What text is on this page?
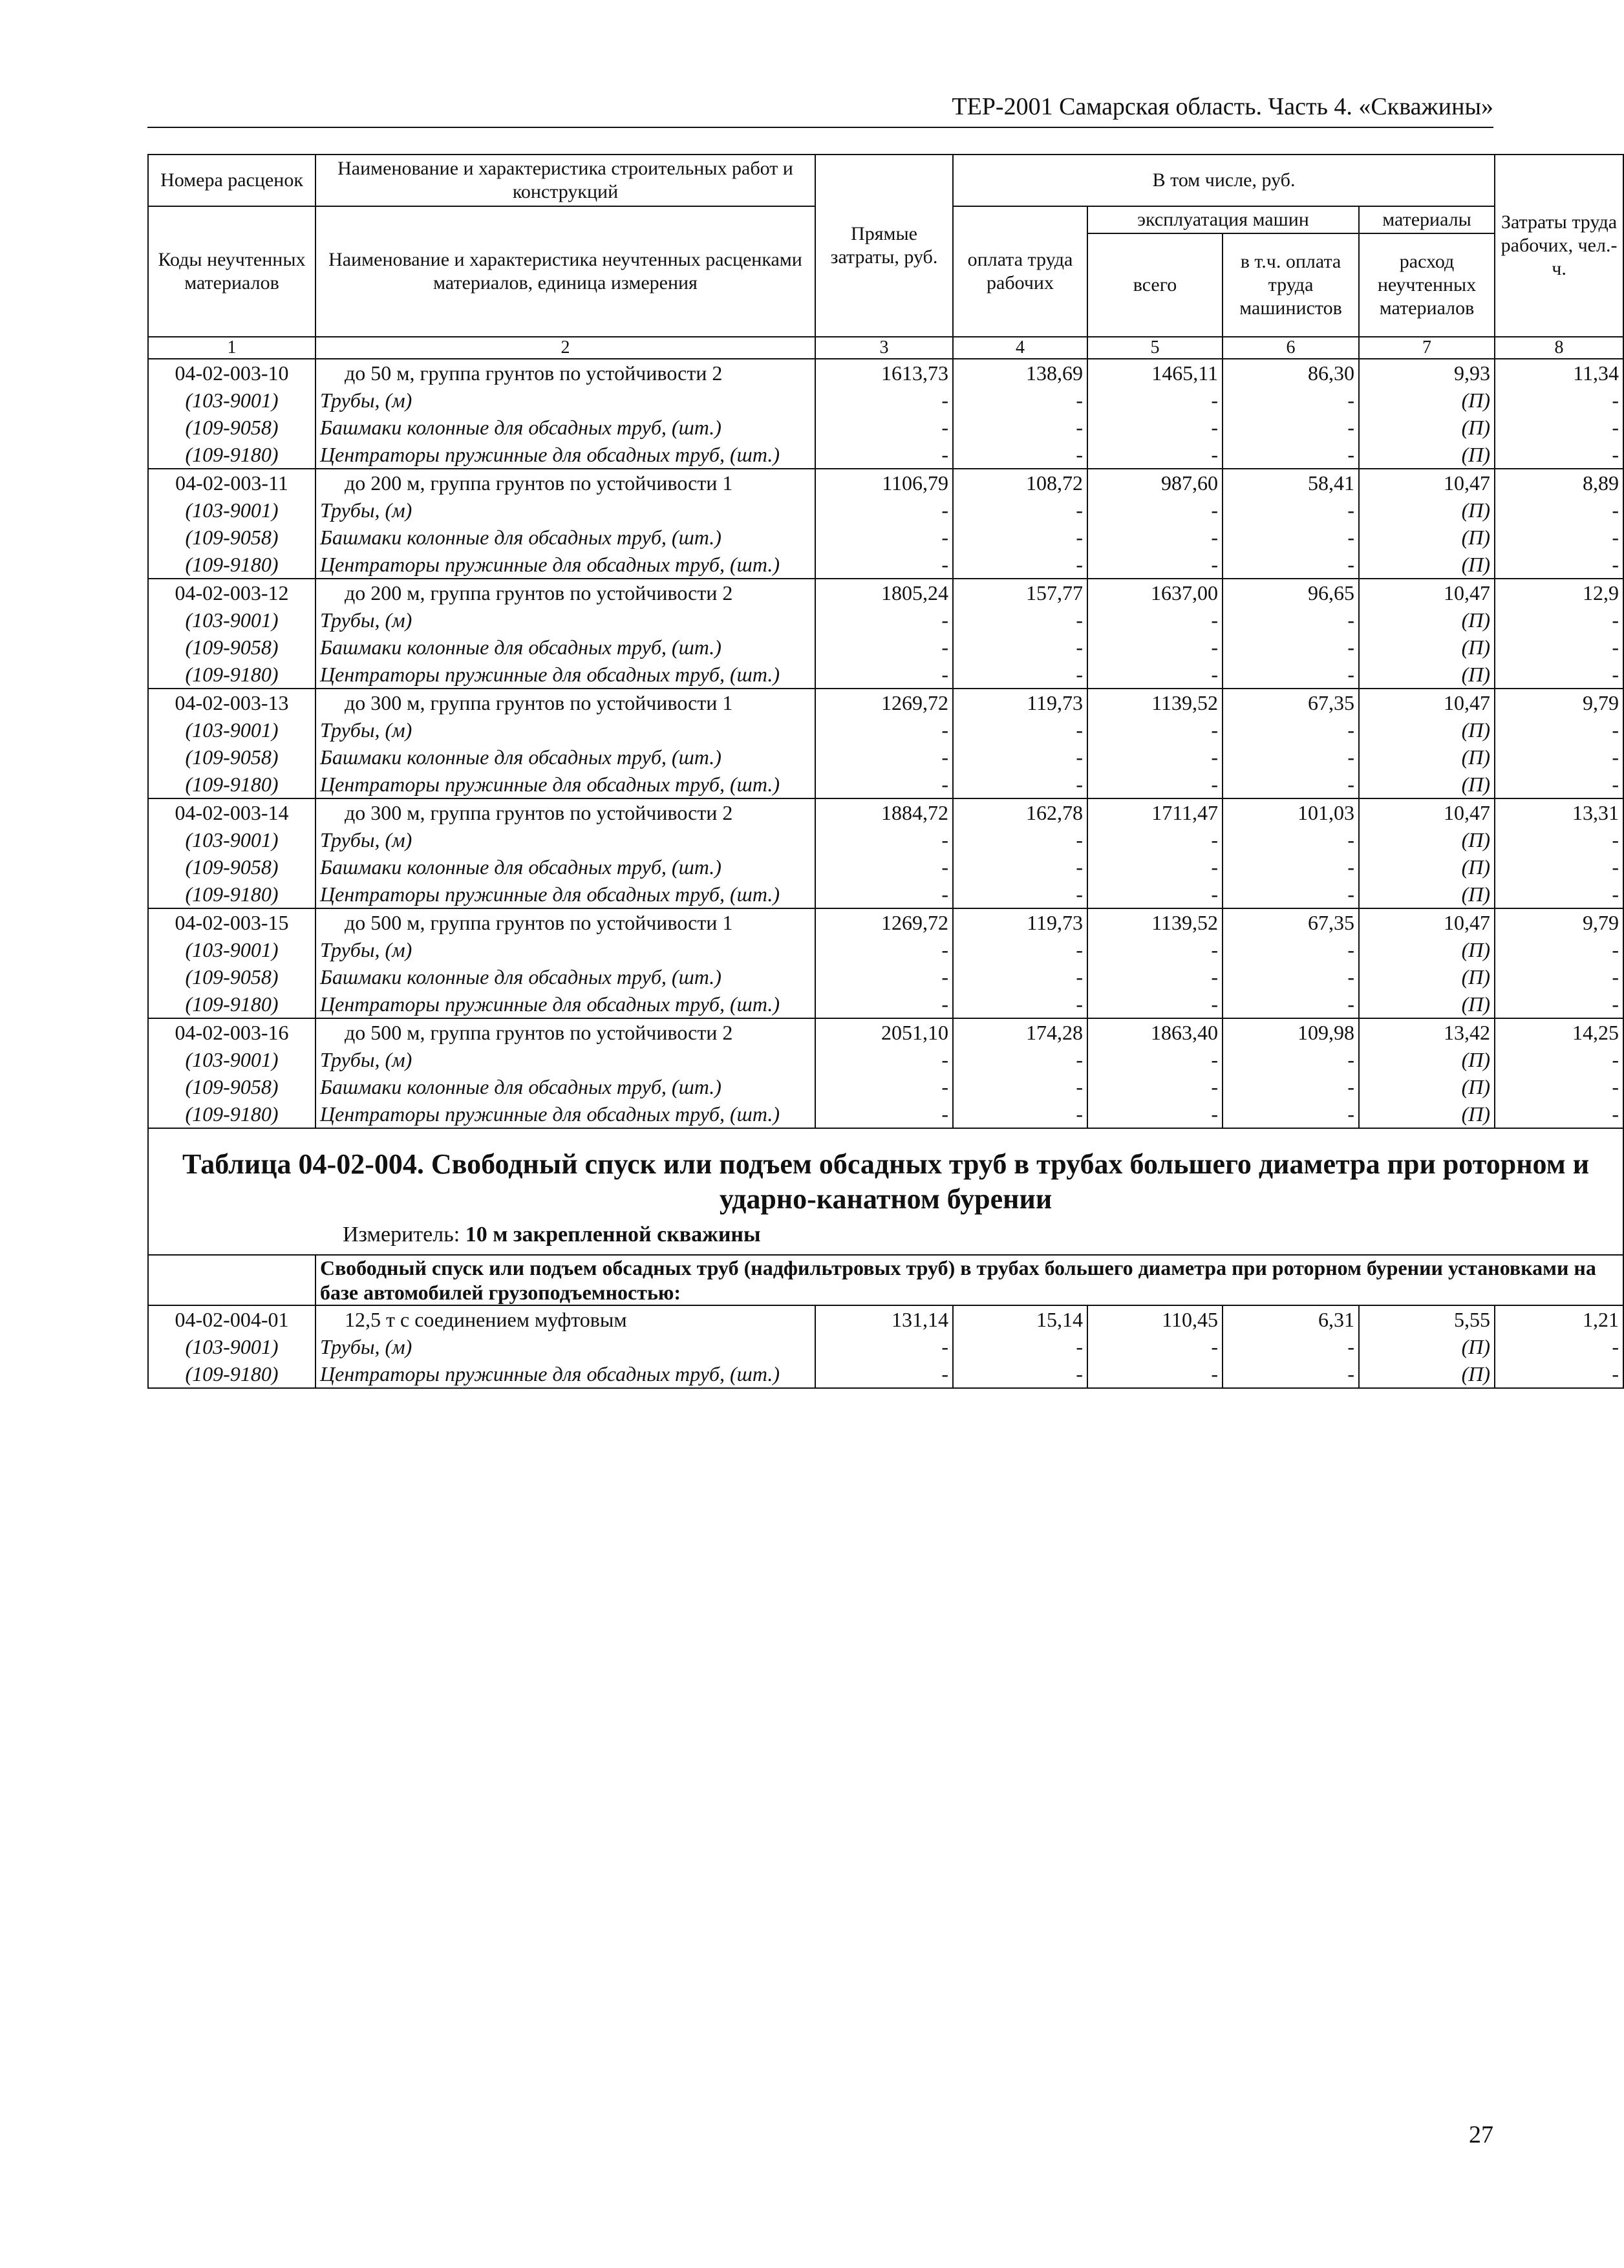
ТЕР-2001 Самарская область. Часть 4. «Скважины»
Номера расценок	Наименование и характеристика строительных работ и конструкций	Прямые затраты, руб.	В том числе, руб.				Затраты труда рабочих, чел.-ч.

Коды неучтенных материалов	Наименование и характеристика неучтенных расценками материалов, единица измерения		оплата труда рабочих	эксплуатация машин		материалы	
				всего	в т.ч. оплата труда машинистов	расход неучтенных материалов	
1	2	3	4	5	6	7	8
04-02-003-10	до 50 м, группа грунтов по устойчивости 2	1613,73	138,69	1465,11	86,30	9,93	11,34
(103-9001)	Трубы, (м)	-	-	-	-	(П)	-
(109-9058)	Башмаки колонные для обсадных труб, (шт.)	-	-	-	-	(П)	-
(109-9180)	Центраторы пружинные для обсадных труб, (шт.)	-	-	-	-	(П)	-
04-02-003-11	до 200 м, группа грунтов по устойчивости 1	1106,79	108,72	987,60	58,41	10,47	8,89
(103-9001)	Трубы, (м)	-	-	-	-	(П)	-
(109-9058)	Башмаки колонные для обсадных труб, (шт.)	-	-	-	-	(П)	-
(109-9180)	Центраторы пружинные для обсадных труб, (шт.)	-	-	-	-	(П)	-
04-02-003-12	до 200 м, группа грунтов по устойчивости 2	1805,24	157,77	1637,00	96,65	10,47	12,9
(103-9001)	Трубы, (м)	-	-	-	-	(П)	-
(109-9058)	Башмаки колонные для обсадных труб, (шт.)	-	-	-	-	(П)	-
(109-9180)	Центраторы пружинные для обсадных труб, (шт.)	-	-	-	-	(П)	-
04-02-003-13	до 300 м, группа грунтов по устойчивости 1	1269,72	119,73	1139,52	67,35	10,47	9,79
(103-9001)	Трубы, (м)	-	-	-	-	(П)	-
(109-9058)	Башмаки колонные для обсадных труб, (шт.)	-	-	-	-	(П)	-
(109-9180)	Центраторы пружинные для обсадных труб, (шт.)	-	-	-	-	(П)	-
04-02-003-14	до 300 м, группа грунтов по устойчивости 2	1884,72	162,78	1711,47	101,03	10,47	13,31
(103-9001)	Трубы, (м)	-	-	-	-	(П)	-
(109-9058)	Башмаки колонные для обсадных труб, (шт.)	-	-	-	-	(П)	-
(109-9180)	Центраторы пружинные для обсадных труб, (шт.)	-	-	-	-	(П)	-
04-02-003-15	до 500 м, группа грунтов по устойчивости 1	1269,72	119,73	1139,52	67,35	10,47	9,79
(103-9001)	Трубы, (м)	-	-	-	-	(П)	-
(109-9058)	Башмаки колонные для обсадных труб, (шт.)	-	-	-	-	(П)	-
(109-9180)	Центраторы пружинные для обсадных труб, (шт.)	-	-	-	-	(П)	-
04-02-003-16	до 500 м, группа грунтов по устойчивости 2	2051,10	174,28	1863,40	109,98	13,42	14,25
(103-9001)	Трубы, (м)	-	-	-	-	(П)	-
(109-9058)	Башмаки колонные для обсадных труб, (шт.)	-	-	-	-	(П)	-
(109-9180)	Центраторы пружинные для обсадных труб, (шт.)	-	-	-	-	(П)	-

Таблица 04-02-004. Свободный спуск или подъем обсадных труб в трубах большего диаметра при роторном и ударно-канатном бурении
Измеритель: 10 м закрепленной скважины							

	Свободный спуск или подъем обсадных труб (надфильтровых труб) в трубах большего диаметра при роторном бурении установками на базе автомобилей грузоподъемностью:						
04-02-004-01	12,5 т с соединением муфтовым	131,14	15,14	110,45	6,31	5,55	1,21
(103-9001)	Трубы, (м)	-	-	-	-	(П)	-
(109-9180)	Центраторы пружинные для обсадных труб, (шт.)	-	-	-	-	(П)	-
27
